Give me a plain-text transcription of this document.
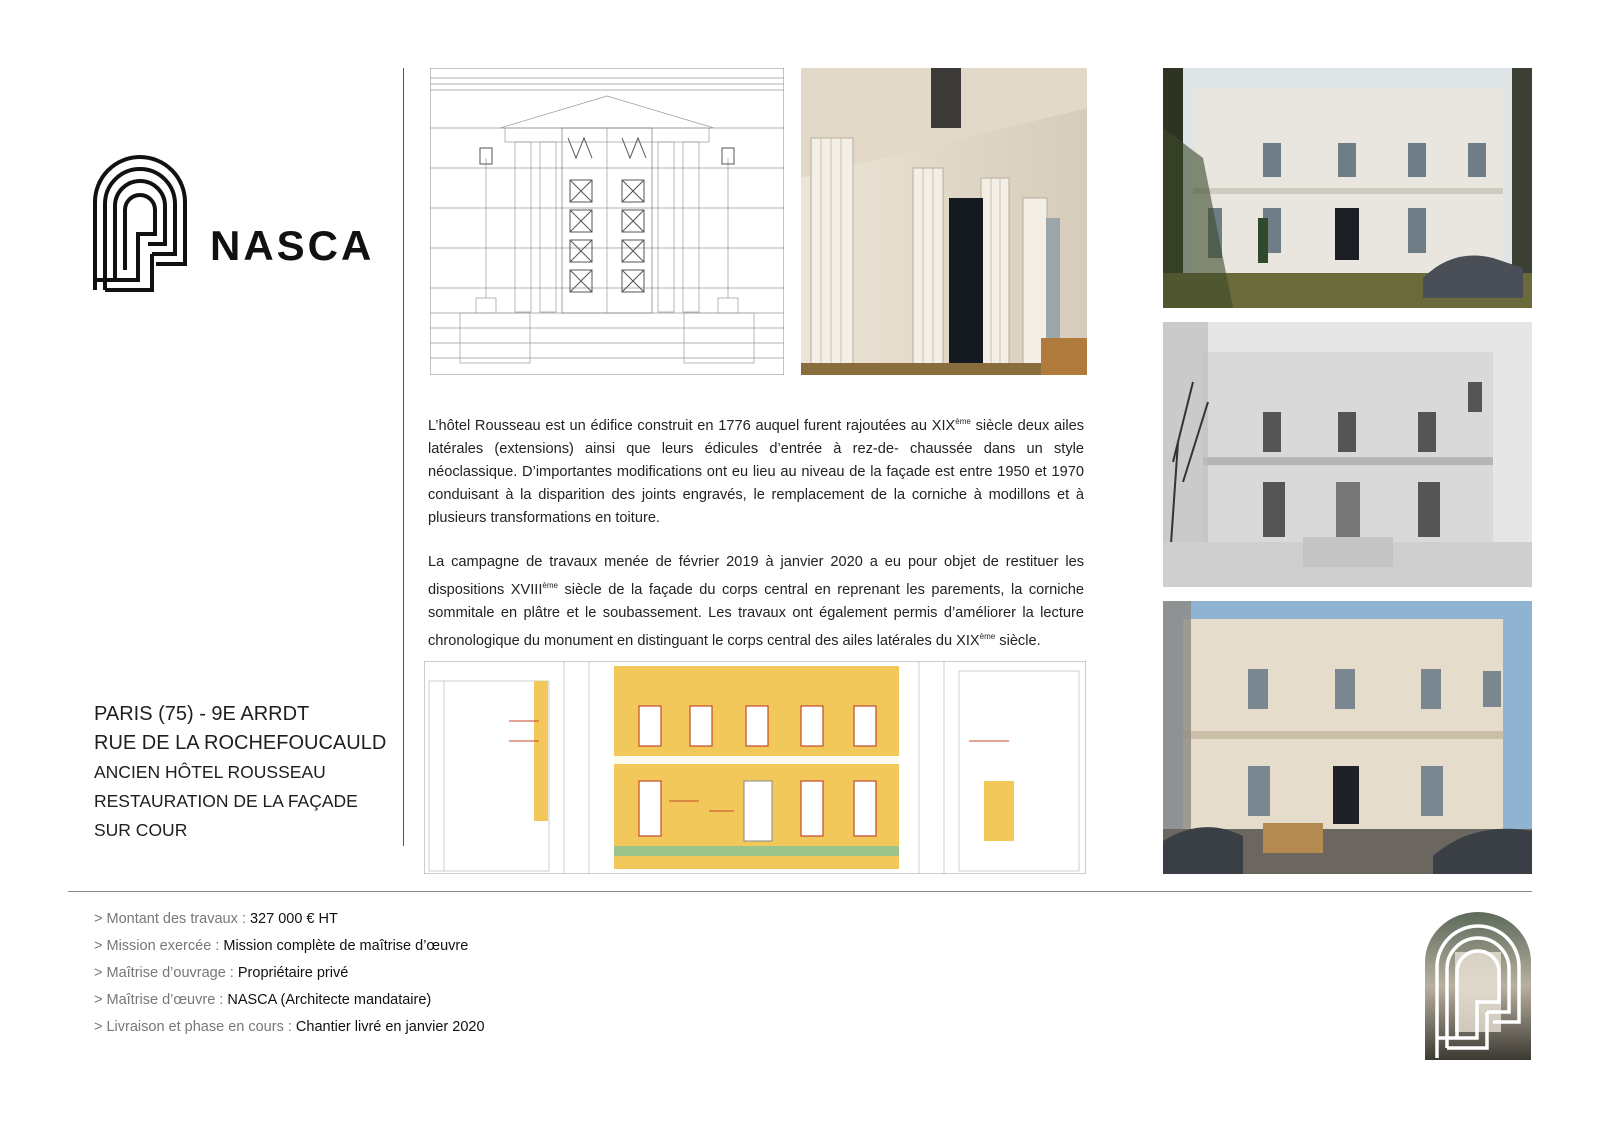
NASCA

L’hôtel Rousseau est un édifice construit en 1776 auquel furent rajoutées au XIXème siècle deux ailes latérales (extensions) ainsi que leurs édicules d’entrée à rez-de- chaussée dans un style néoclassique. D’importantes modifications ont eu lieu au niveau de la façade est entre 1950 et 1970 conduisant à la disparition des joints engravés, le remplacement de la corniche à modillons et à plusieurs transformations en toiture.

La campagne de travaux menée de février 2019 à janvier 2020 a eu pour objet de restituer les dispositions XVIIIème siècle de la façade du corps central en reprenant les parements, la corniche sommitale en plâtre et le soubassement. Les travaux ont également permis d’améliorer la lecture chronologique du monument en distinguant le corps central des ailes latérales du XIXème siècle.

PARIS (75) - 9E ARRDT
RUE DE LA ROCHEFOUCAULD
ANCIEN HÔTEL ROUSSEAU
RESTAURATION DE LA FAÇADE
SUR COUR
> Montant des travaux : 327 000 € HT
> Mission exercée : Mission complète de maîtrise d’œuvre
> Maîtrise d’ouvrage : Propriétaire privé
> Maîtrise d’œuvre : NASCA (Architecte mandataire)
> Livraison et phase en cours : Chantier livré en janvier 2020
